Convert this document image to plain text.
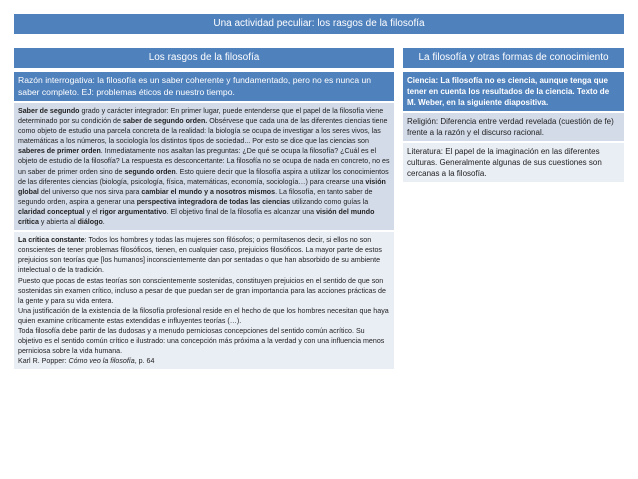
Una actividad peculiar: los rasgos de la filosofía
Los rasgos de la filosofía	La filosofía y otras formas de conocimiento

Razón interrogativa: la filosofía es un saber coherente y fundamentado, pero no es nunca un saber completo. EJ: problemas éticos de nuestro tiempo.

Saber de segundo grado y carácter integrador: En primer lugar, puede entenderse que el papel de la filosofía viene determinado por su condición de saber de segundo orden. Obsérvese que cada una de las diferentes ciencias tiene como objeto de estudio una parcela concreta de la realidad: la biología se ocupa de investigar a los seres vivos, las matemáticas a los números, la sociología los distintos tipos de sociedad... Por esto se dice que las ciencias son saberes de primer orden. Inmediatamente nos asaltan las preguntas: ¿De qué se ocupa la filosofía? ¿Cuál es el objeto de estudio de la filosofía? La respuesta es desconcertante: La filosofía no se ocupa de nada en concreto, no es un saber de primer orden sino de segundo orden. Esto quiere decir que la filosofía aspira a utilizar los conocimientos de las diferentes ciencias (biología, psicología, física, matemáticas, economía, sociología…) para crearse una visión global del universo que nos sirva para cambiar el mundo y a nosotros mismos. La filosofía, en tanto saber de segundo orden, aspira a generar una perspectiva integradora de todas las ciencias utilizando como guías la claridad conceptual y el rigor argumentativo. El objetivo final de la filosofía es alcanzar una visión del mundo crítica y abierta al diálogo.

La crítica constante: Todos los hombres y todas las mujeres son filósofos; o permítasenos decir, si ellos no son conscientes de tener problemas filosóficos, tienen, en cualquier caso, prejuicios filosóficos. La mayor parte de estos prejuicios son teorías que [los humanos] inconscientemente dan por sentadas o que han absorbido de su ambiente intelectual o de la tradición.

Puesto que pocas de estas teorías son conscientemente sostenidas, constituyen prejuicios en el sentido de que son sostenidas sin examen crítico, incluso a pesar de que puedan ser de gran importancia para las acciones prácticas de la gente y para su vida entera.

Una justificación de la existencia de la filosofía profesional reside en el hecho de que los hombres necesitan que haya quien examine críticamente estas extendidas e influyentes teorías (…).

Toda filosofía debe partir de las dudosas y a menudo perniciosas concepciones del sentido común acrítico. Su objetivo es el sentido común crítico e ilustrado: una concepción más próxima a la verdad y con una influencia menos perniciosa sobre la vida humana.

Karl R. Popper: Cómo veo la filosofía, p. 64

Ciencia: La filosofía no es ciencia, aunque tenga que tener en cuenta los resultados de la ciencia. Texto de M. Weber, en la siguiente diapositiva.

Religión: Diferencia entre verdad revelada (cuestión de fe) frente a la razón y el discurso racional.

Literatura: El papel de la imaginación en las diferentes culturas. Generalmente algunas de sus cuestiones son cercanas a la filosofía.
